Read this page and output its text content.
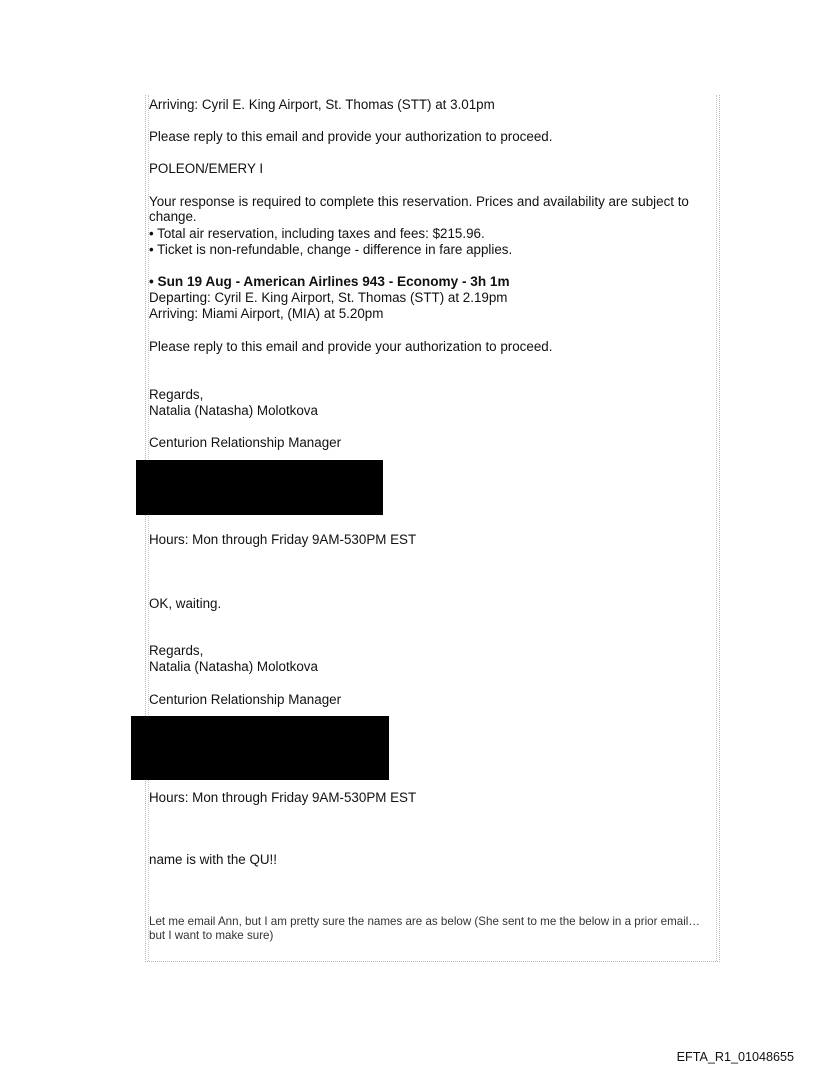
Arriving: Cyril E. King Airport, St. Thomas (STT) at 3.01pm
Please reply to this email and provide your authorization to proceed.
POLEON/EMERY I
Your response is required to complete this reservation. Prices and availability are subject to change.
• Total air reservation, including taxes and fees: $215.96.
• Ticket is non-refundable, change - difference in fare applies.
• Sun 19 Aug - American Airlines 943 - Economy - 3h 1m
Departing: Cyril E. King Airport, St. Thomas (STT) at 2.19pm
Arriving: Miami Airport, (MIA) at 5.20pm
Please reply to this email and provide your authorization to proceed.
Regards,
Natalia (Natasha) Molotkova
Centurion Relationship Manager
Hours: Mon through Friday 9AM-530PM EST
OK, waiting.
Regards,
Natalia (Natasha) Molotkova
Centurion Relationship Manager
Hours: Mon through Friday 9AM-530PM EST
name is with the QU!!
Let me email Ann, but I am pretty sure the names are as below (She sent to me the below in a prior email…but I want to make sure)
EFTA_R1_01048655
